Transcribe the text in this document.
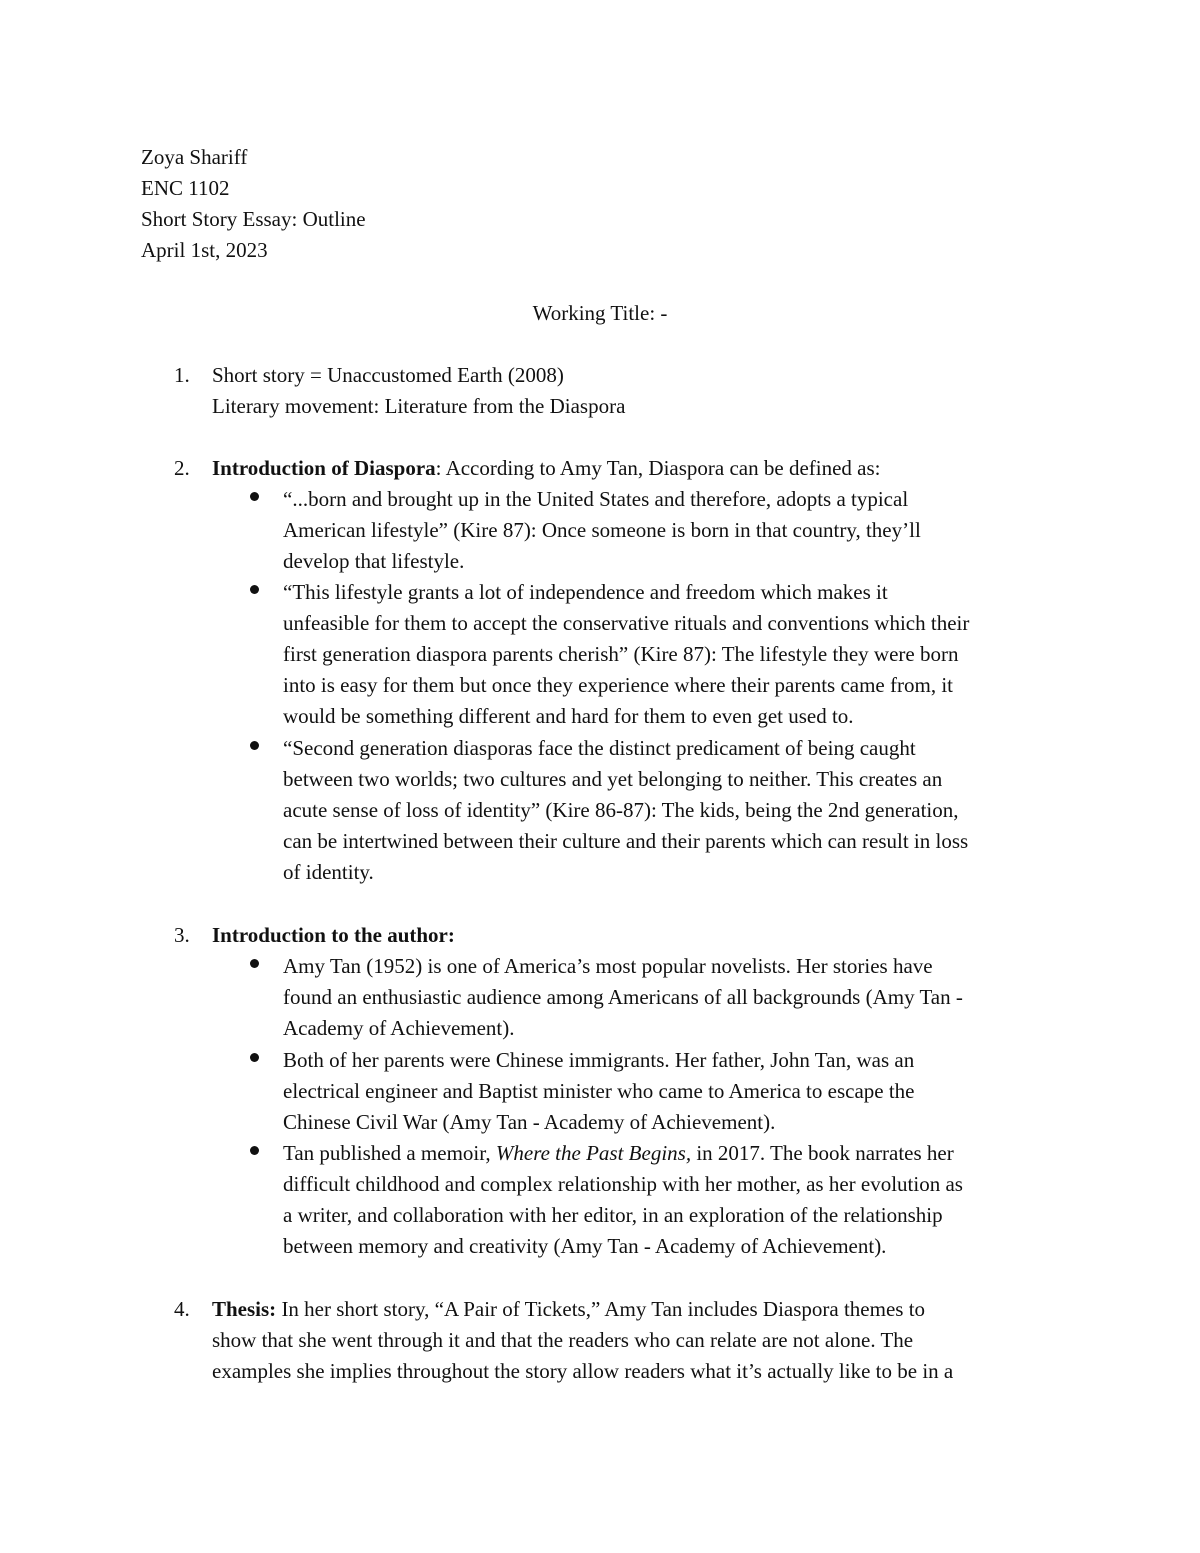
Zoya Shariff
ENC 1102
Short Story Essay: Outline
April 1st, 2023
Working Title: -
1. Short story = Unaccustomed Earth (2008)
Literary movement: Literature from the Diaspora
2. Introduction of Diaspora: According to Amy Tan, Diaspora can be defined as:
“...born and brought up in the United States and therefore, adopts a typical
American lifestyle” (Kire 87): Once someone is born in that country, they’ll
develop that lifestyle.
“This lifestyle grants a lot of independence and freedom which makes it
unfeasible for them to accept the conservative rituals and conventions which their
first generation diaspora parents cherish” (Kire 87): The lifestyle they were born
into is easy for them but once they experience where their parents came from, it
would be something different and hard for them to even get used to.
“Second generation diasporas face the distinct predicament of being caught
between two worlds; two cultures and yet belonging to neither. This creates an
acute sense of loss of identity” (Kire 86-87): The kids, being the 2nd generation,
can be intertwined between their culture and their parents which can result in loss
of identity.
3. Introduction to the author:
Amy Tan (1952) is one of America’s most popular novelists. Her stories have
found an enthusiastic audience among Americans of all backgrounds (Amy Tan -
Academy of Achievement).
Both of her parents were Chinese immigrants. Her father, John Tan, was an
electrical engineer and Baptist minister who came to America to escape the
Chinese Civil War (Amy Tan - Academy of Achievement).
Tan published a memoir, Where the Past Begins, in 2017. The book narrates her
difficult childhood and complex relationship with her mother, as her evolution as
a writer, and collaboration with her editor, in an exploration of the relationship
between memory and creativity (Amy Tan - Academy of Achievement).
4. Thesis: In her short story, “A Pair of Tickets,” Amy Tan includes Diaspora themes to
show that she went through it and that the readers who can relate are not alone. The
examples she implies throughout the story allow readers what it’s actually like to be in a
